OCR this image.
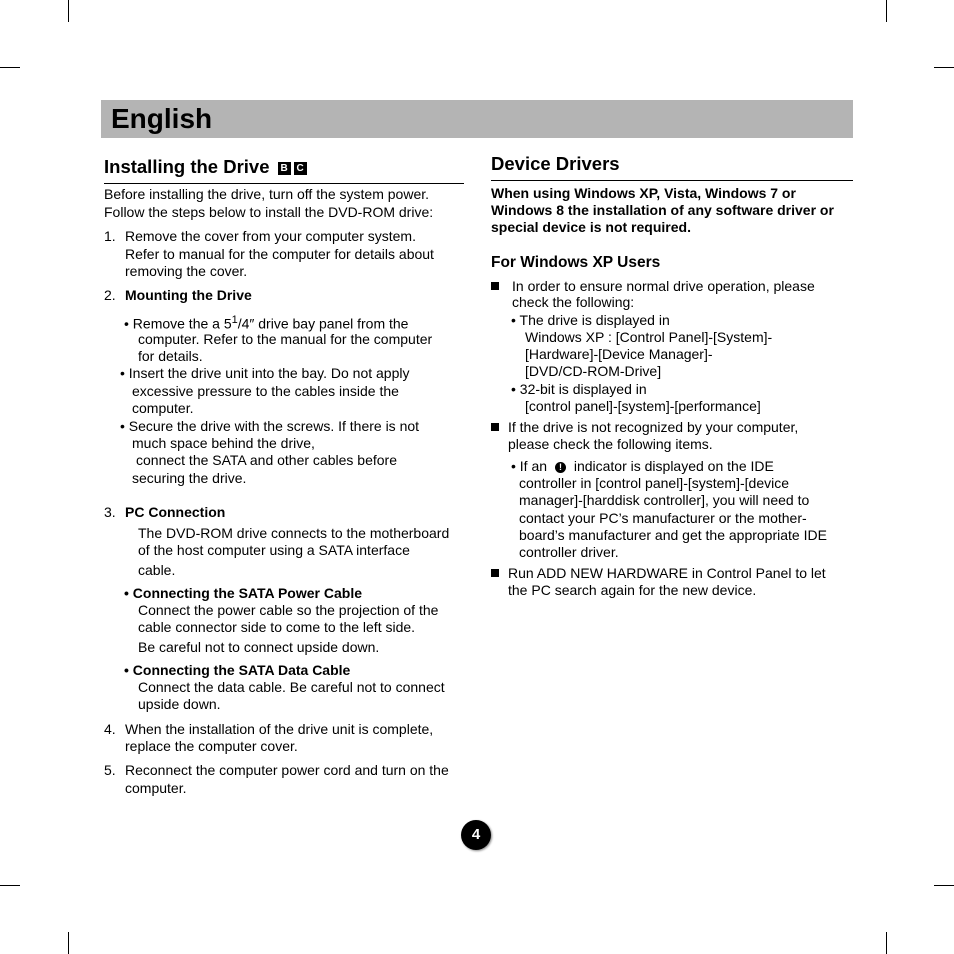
English
Installing the Drive B C

Before installing the drive, turn off the system power.

Follow the steps below to install the DVD-ROM drive:

1. Remove the cover from your computer system.

Refer to manual for the computer for details about

removing the cover.

2. Mounting the Drive

• Remove the a $5^1/4''$ drive bay panel from the

computer. Refer to the manual for the computer

for details.

• Insert the drive unit into the bay. Do not apply

excessive pressure to the cables inside the

computer.

• Secure the drive with the screws. If there is not

much space behind the drive,

connect the SATA and other cables before

securing the drive.

3. PC Connection

The DVD-ROM drive connects to the motherboard

of the host computer using a SATA interface

cable.

• Connecting the SATA Power Cable

Connect the power cable so the projection of the

cable connector side to come to the left side.

Be careful not to connect upside down.

• Connecting the SATA Data Cable

Connect the data cable. Be careful not to connect

upside down.

4. When the installation of the drive unit is complete,

replace the computer cover.

5. Reconnect the computer power cord and turn on the

computer.

Device Drivers

When using Windows XP, Vista, Windows 7 or

Windows 8 the installation of any software driver or

special device is not required.

For Windows XP Users

In order to ensure normal drive operation, please

check the following:

• The drive is displayed in

Windows XP : [Control Panel]-[System]-

[Hardware]-[Device Manager]-

[DVD/CD-ROM-Drive]

• 32-bit is displayed in

[control panel]-[system]-[performance]

If the drive is not recognized by your computer,

please check the following items.

• If an ! indicator is displayed on the IDE

controller in [control panel]-[system]-[device

manager]-[harddisk controller], you will need to

contact your PC’s manufacturer or the mother-

board’s manufacturer and get the appropriate IDE

controller driver.

Run ADD NEW HARDWARE in Control Panel to let

the PC search again for the new device.

4
